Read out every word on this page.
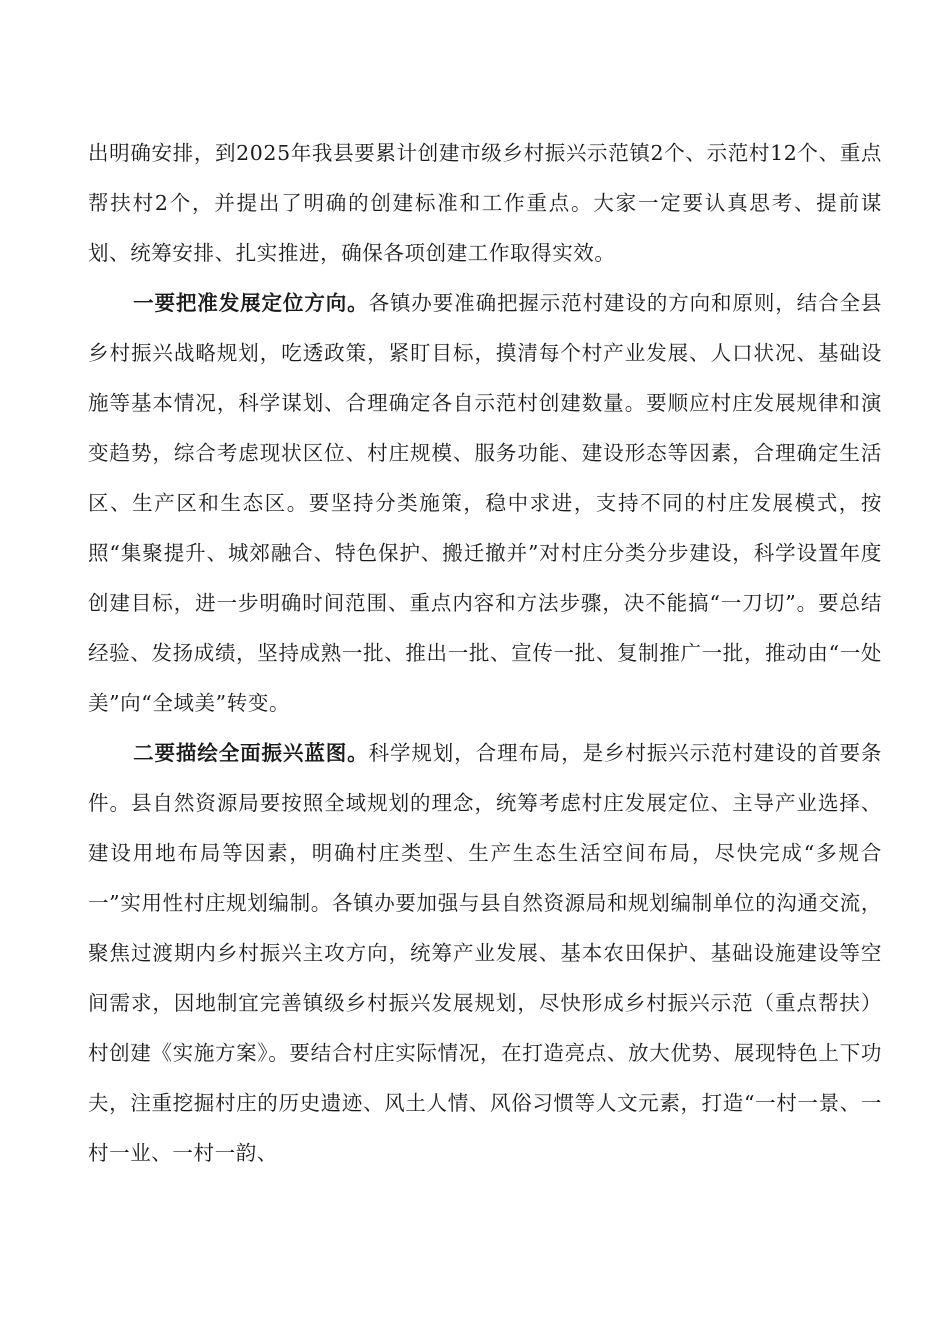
出明确安排，到2025年我县要累计创建市级乡村振兴示范镇2个、示范村12个、重点帮扶村2个，并提出了明确的创建标准和工作重点。大家一定要认真思考、提前谋划、统筹安排、扎实推进，确保各项创建工作取得实效。

一要把准发展定位方向。各镇办要准确把握示范村建设的方向和原则，结合全县乡村振兴战略规划，吃透政策，紧盯目标，摸清每个村产业发展、人口状况、基础设施等基本情况，科学谋划、合理确定各自示范村创建数量。要顺应村庄发展规律和演变趋势，综合考虑现状区位、村庄规模、服务功能、建设形态等因素，合理确定生活区、生产区和生态区。要坚持分类施策，稳中求进，支持不同的村庄发展模式，按照“集聚提升、城郊融合、特色保护、搬迁撤并”对村庄分类分步建设，科学设置年度创建目标，进一步明确时间范围、重点内容和方法步骤，决不能搞“一刀切”。要总结经验、发扬成绩，坚持成熟一批、推出一批、宣传一批、复制推广一批，推动由“一处美”向“全域美”转变。

二要描绘全面振兴蓝图。科学规划，合理布局，是乡村振兴示范村建设的首要条件。县自然资源局要按照全域规划的理念，统筹考虑村庄发展定位、主导产业选择、建设用地布局等因素，明确村庄类型、生产生态生活空间布局，尽快完成“多规合一”实用性村庄规划编制。各镇办要加强与县自然资源局和规划编制单位的沟通交流，聚焦过渡期内乡村振兴主攻方向，统筹产业发展、基本农田保护、基础设施建设等空间需求，因地制宜完善镇级乡村振兴发展规划，尽快形成乡村振兴示范（重点帮扶）村创建《实施方案》。要结合村庄实际情况，在打造亮点、放大优势、展现特色上下功夫，注重挖掘村庄的历史遗迹、风土人情、风俗习惯等人文元素，打造“一村一景、一村一业、一村一韵、
